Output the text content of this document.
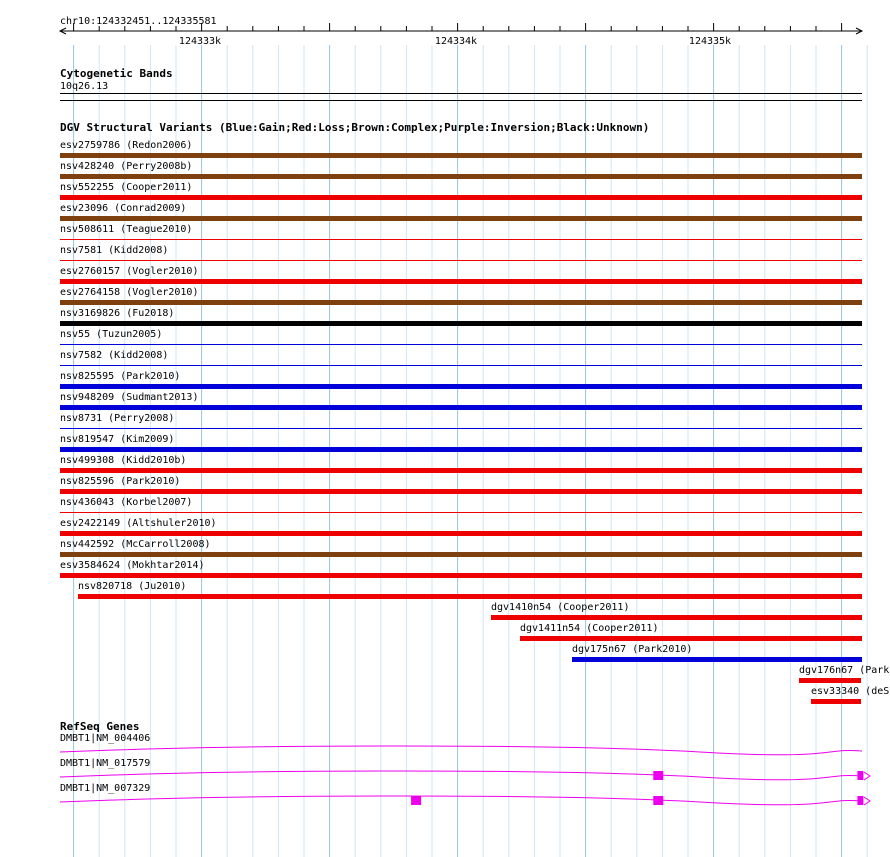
chr10:124332451..124335581
124333k	124334k	124335k
Cytogenetic Bands
10q26.13
DGV Structural Variants (Blue:Gain;Red:Loss;Brown:Complex;Purple:Inversion;Black:Unknown)
esv2759786 (Redon2006)
nsv428240 (Perry2008b)
nsv552255 (Cooper2011)
esv23096 (Conrad2009)
nsv508611 (Teague2010)
nsv7581 (Kidd2008)
esv2760157 (Vogler2010)
esv2764158 (Vogler2010)
nsv3169826 (Fu2018)
nsv55 (Tuzun2005)
nsv7582 (Kidd2008)
nsv825595 (Park2010)
nsv948209 (Sudmant2013)
nsv8731 (Perry2008)
nsv819547 (Kim2009)
nsv499308 (Kidd2010b)
nsv825596 (Park2010)
nsv436043 (Korbel2007)
esv2422149 (Altshuler2010)
nsv442592 (McCarroll2008)
esv3584624 (Mokhtar2014)
nsv820718 (Ju2010)
dgv1410n54 (Cooper2011)
dgv1411n54 (Cooper2011)
dgv175n67 (Park2010)
dgv176n67 (Park
esv33340 (deS
RefSeq Genes
DMBT1|NM_004406
DMBT1|NM_017579
DMBT1|NM_007329
